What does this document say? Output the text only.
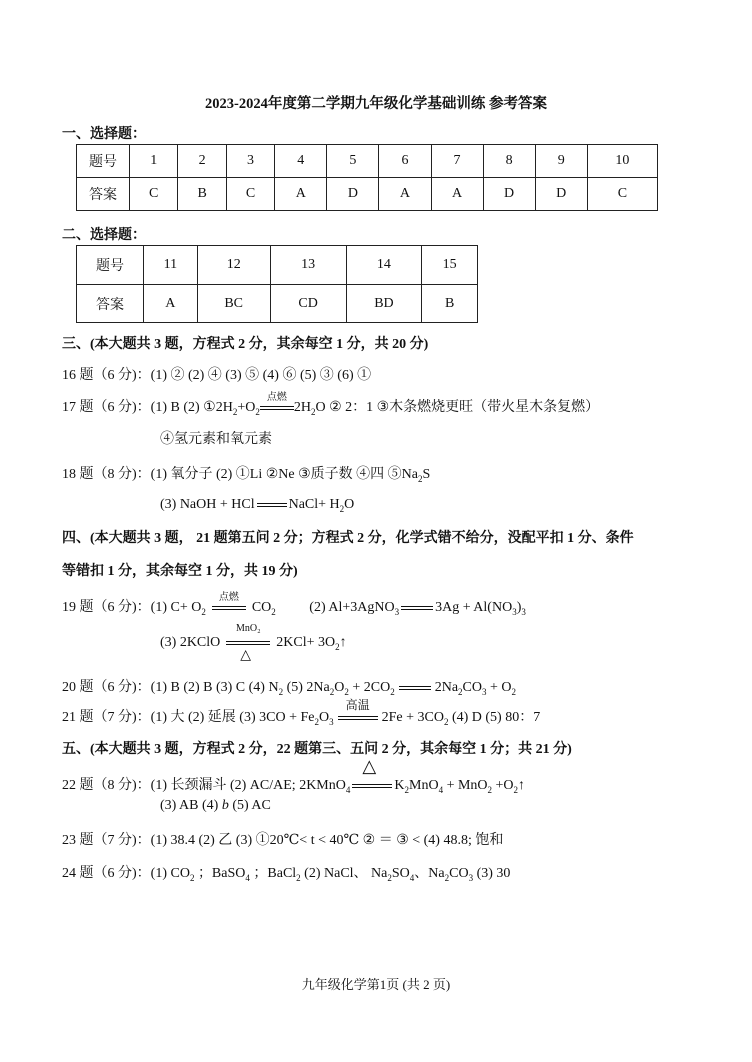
2023-2024年度第二学期九年级化学基础训练 参考答案
一、选择题：
题号	1	2	3	4	5	6	7	8	9	10
答案	C	B	C	A	D	A	A	D	D	C
二、选择题：
题号	11	12	13	14	15
答案	A	BC	CD	BD	B
三、(本大题共 3 题，方程式 2 分，其余每空 1 分，共 20 分)
16 题（6 分)：(1) ② (2) ④ (3) ⑤ (4) ⑥ (5) ③ (6) ①
17 题（6 分)：(1) B (2) $①2H_2+O_2$
点燃
$2H_2O$ ② 2：1 ③木条燃烧更旺（带火星木条复燃）
④氢元素和氧元素
18 题（8 分)：(1) 氧分子 (2) ①Li ②Ne ③质子数 ④四 $⑤Na_2S$
(3) NaOH + HCl NaCl+ $H_2O$
四、(本大题共 3 题， 21 题第五问 2 分；方程式 2 分，化学式错不给分，没配平扣 1 分、条件
等错扣 1 分，其余每空 1 分，共 19 分)
19 题（6 分)：(1) $C+ O_2$
点燃
$CO_2$ (2) Al+3AgNO$_3$	$3Ag + Al(NO_3)_3$
(3) 2KClO
MnO₂
△
$2KCl+ 3O_2↑$
20 题（6 分)：(1) B (2) B (3) C (4) $N_2$ (5) $2Na_2O_2 + 2CO_2$	$2Na_2CO_3 + O_2$
21 题（7 分)：(1) 大 (2) 延展 (3) $3CO + Fe_2O_3$
高温
$2Fe + 3CO_2$ (4) D (5) 80：7
五、(本大题共 3 题，方程式 2 分，22 题第三、五问 2 分，其余每空 1 分；共 21 分)
22 题（8 分)：(1) 长颈漏斗 (2) AC/AE; 2KMnO$_4$
△
$K_2MnO_4 + MnO_2$ $+O_2↑$
(3) AB (4) b (5) AC
23 题（7 分)：(1) 38.4 (2) 乙 (3) ①20℃< t < 40℃ ② ＝ ③ < (4) 48.8; 饱和
24 题（6 分)：(1) $CO_2$ ；BaSO$_4$ ；BaCl$_2$ (2) NaCl、 $Na_2SO_4$、$Na_2CO_3$ (3) 30
九年级化学第1页 (共 2 页)
